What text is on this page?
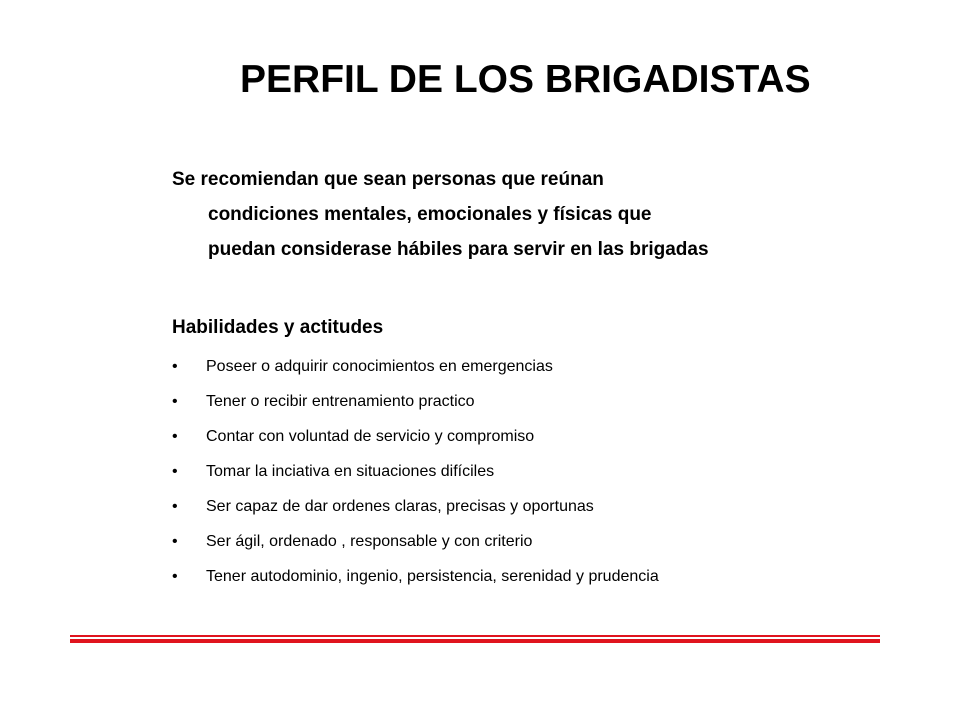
PERFIL DE LOS BRIGADISTAS
Se recomiendan que sean personas que reúnan
condiciones mentales, emocionales y físicas que
puedan considerase hábiles para servir en las brigadas
Habilidades y actitudes
•	Poseer o adquirir conocimientos en emergencias
•	Tener o recibir entrenamiento practico
•	Contar con voluntad de servicio y compromiso
•	Tomar la inciativa en situaciones difíciles
•	Ser capaz de dar ordenes claras, precisas y oportunas
•	Ser ágil, ordenado , responsable y con criterio
•	Tener autodominio, ingenio, persistencia, serenidad y prudencia
